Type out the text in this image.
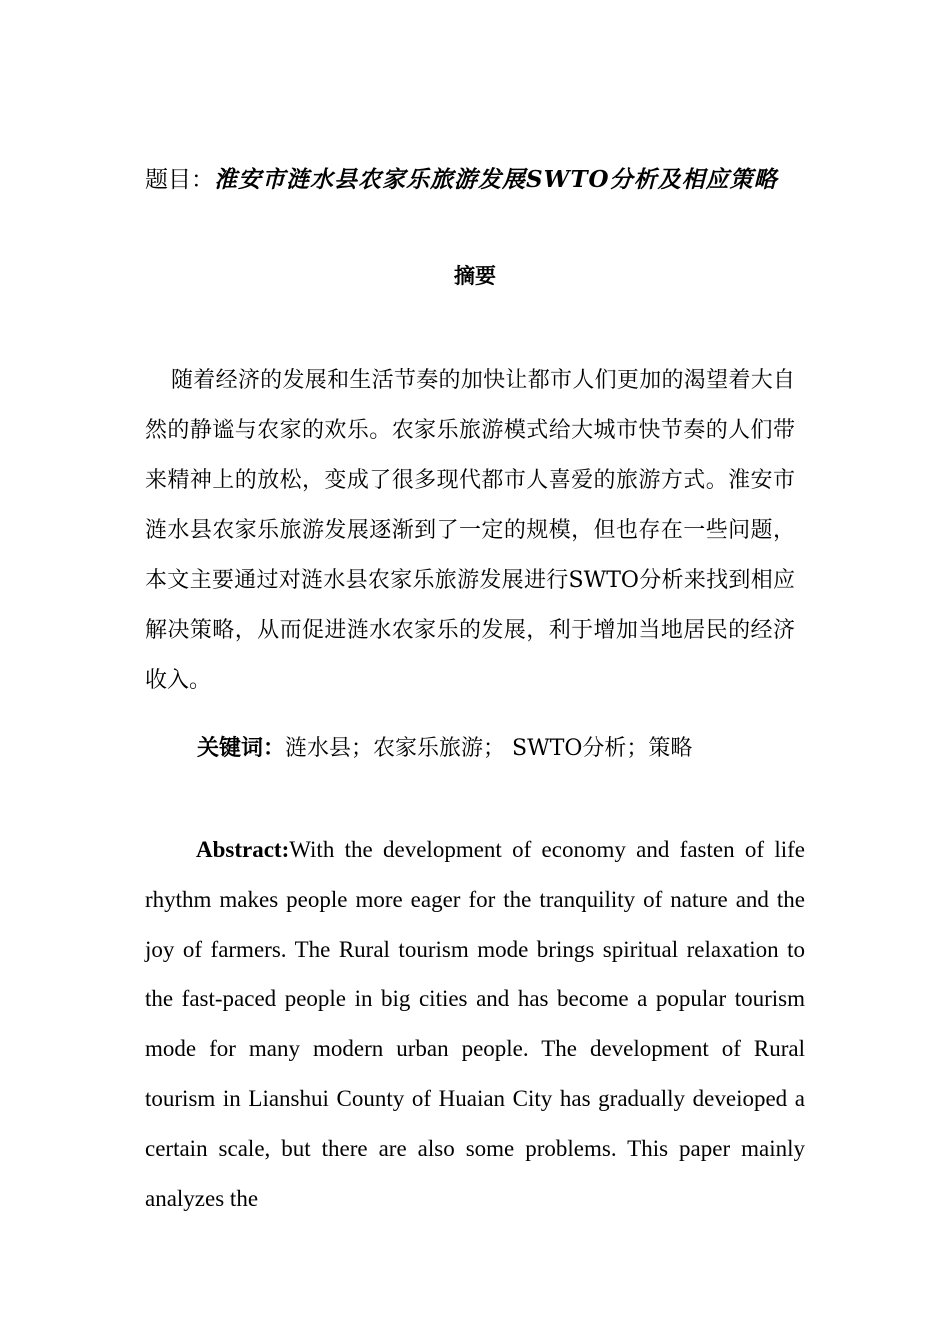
题目：淮安市涟水县农家乐旅游发展SWTO分析及相应策略
摘要

随着经济的发展和生活节奏的加快让都市人们更加的渴望着大自然的静谧与农家的欢乐。农家乐旅游模式给大城市快节奏的人们带来精神上的放松，变成了很多现代都市人喜爱的旅游方式。淮安市涟水县农家乐旅游发展逐渐到了一定的规模，但也存在一些问题，本文主要通过对涟水县农家乐旅游发展进行SWTO分析来找到相应解决策略，从而促进涟水农家乐的发展，利于增加当地居民的经济收入。

关键词：涟水县；农家乐旅游； SWTO分析；策略

Abstract:With the development of economy and fasten of life rhythm makes people more eager for the tranquility of nature and the joy of farmers. The Rural tourism mode brings spiritual relaxation to the fast-paced people in big cities and has become a popular tourism mode for many modern urban people. The development of Rural tourism in Lianshui County of Huaian City has gradually deveioped a certain scale, but there are also some problems. This paper mainly analyzes the
